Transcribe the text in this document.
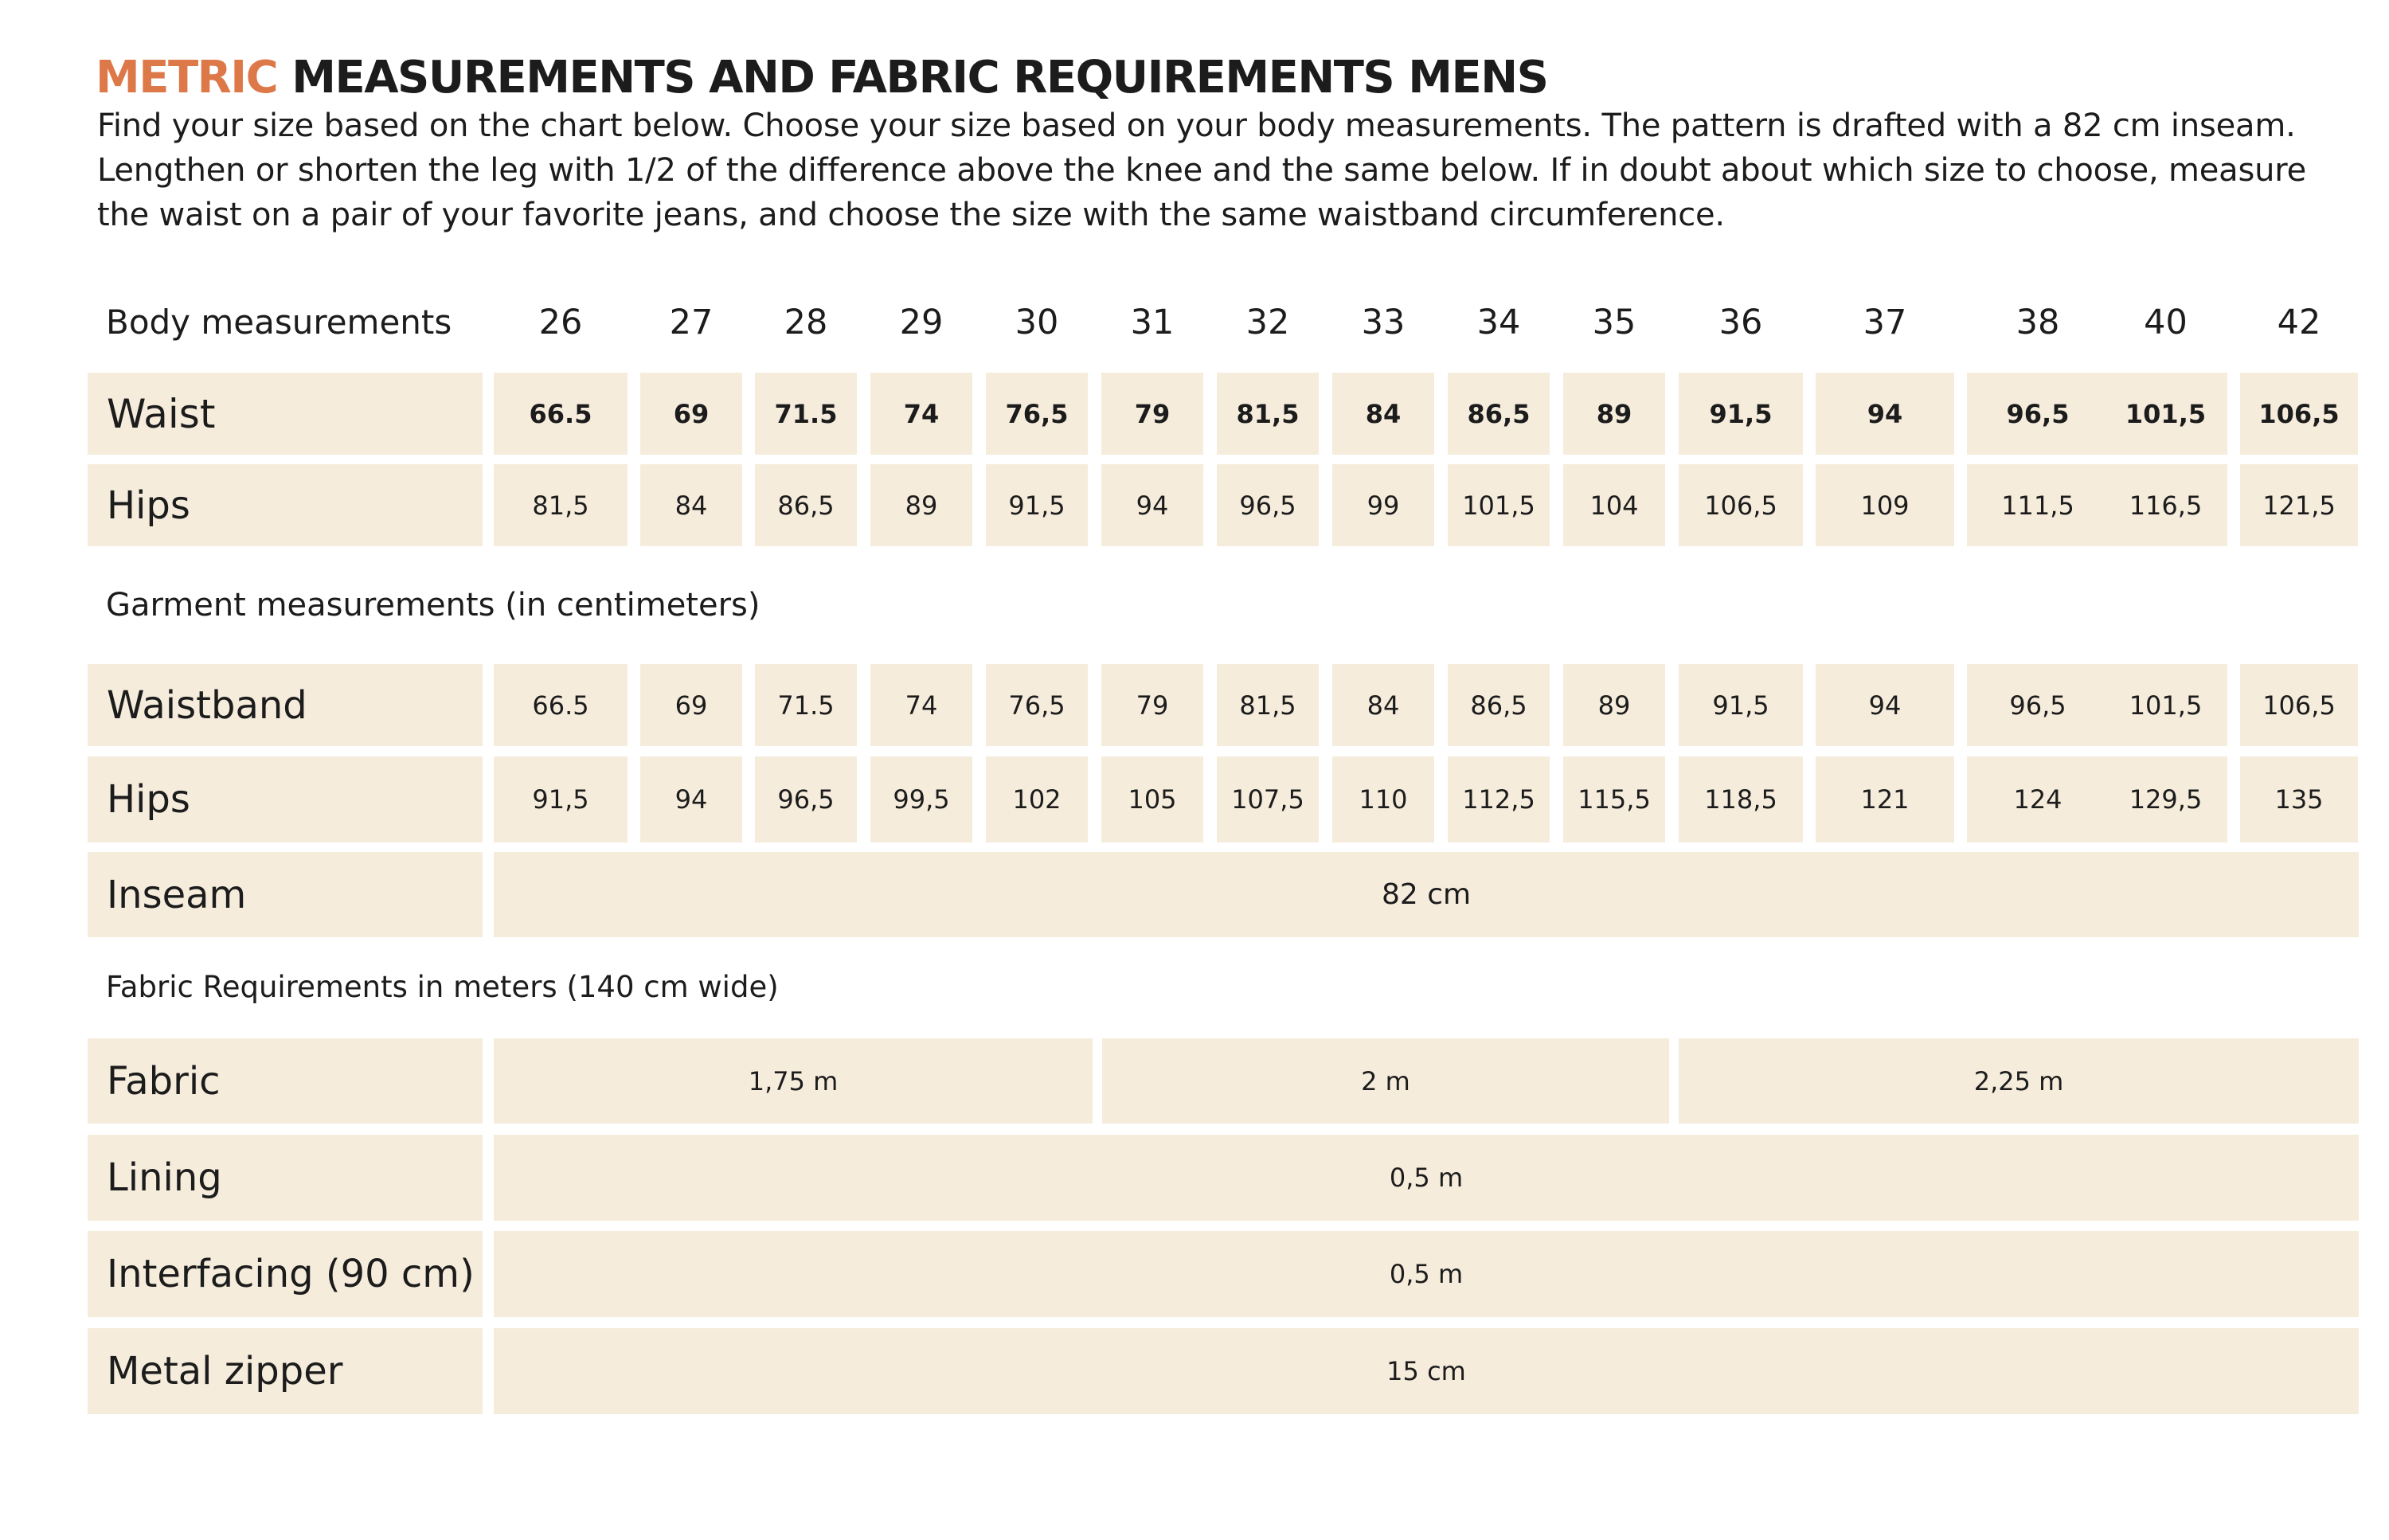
METRIC MEASUREMENTS AND FABRIC REQUIREMENTS MENS

Find your size based on the chart below. Choose your size based on your body measurements. The pattern is drafted with a 82 cm inseam. Lengthen or shorten the leg with 1/2 of the difference above the knee and the same below. If in doubt about which size to choose, measure the waist on a pair of your favorite jeans, and choose the size with the same waistband circumference.

Body measurements	26	27	28	29	30	31	32	33	34	35	36	37	38	40	42
Waist	66.5	69	71.5	74	76,5	79	81,5	84	86,5	89	91,5	94	96,5	101,5	106,5
Hips	81,5	84	86,5	89	91,5	94	96,5	99	101,5	104	106,5	109	111,5	116,5	121,5
Garment measurements (in centimeters)
Waistband	66.5	69	71.5	74	76,5	79	81,5	84	86,5	89	91,5	94	96,5	101,5	106,5
Hips	91,5	94	96,5	99,5	102	105	107,5	110	112,5	115,5	118,5	121	124	129,5	135
Inseam	82 cm
Fabric Requirements in meters (140 cm wide)
Fabric	1,75 m	2 m	2,25 m
Lining	0,5 m
Interfacing (90 cm)	0,5 m
Metal zipper	15 cm
